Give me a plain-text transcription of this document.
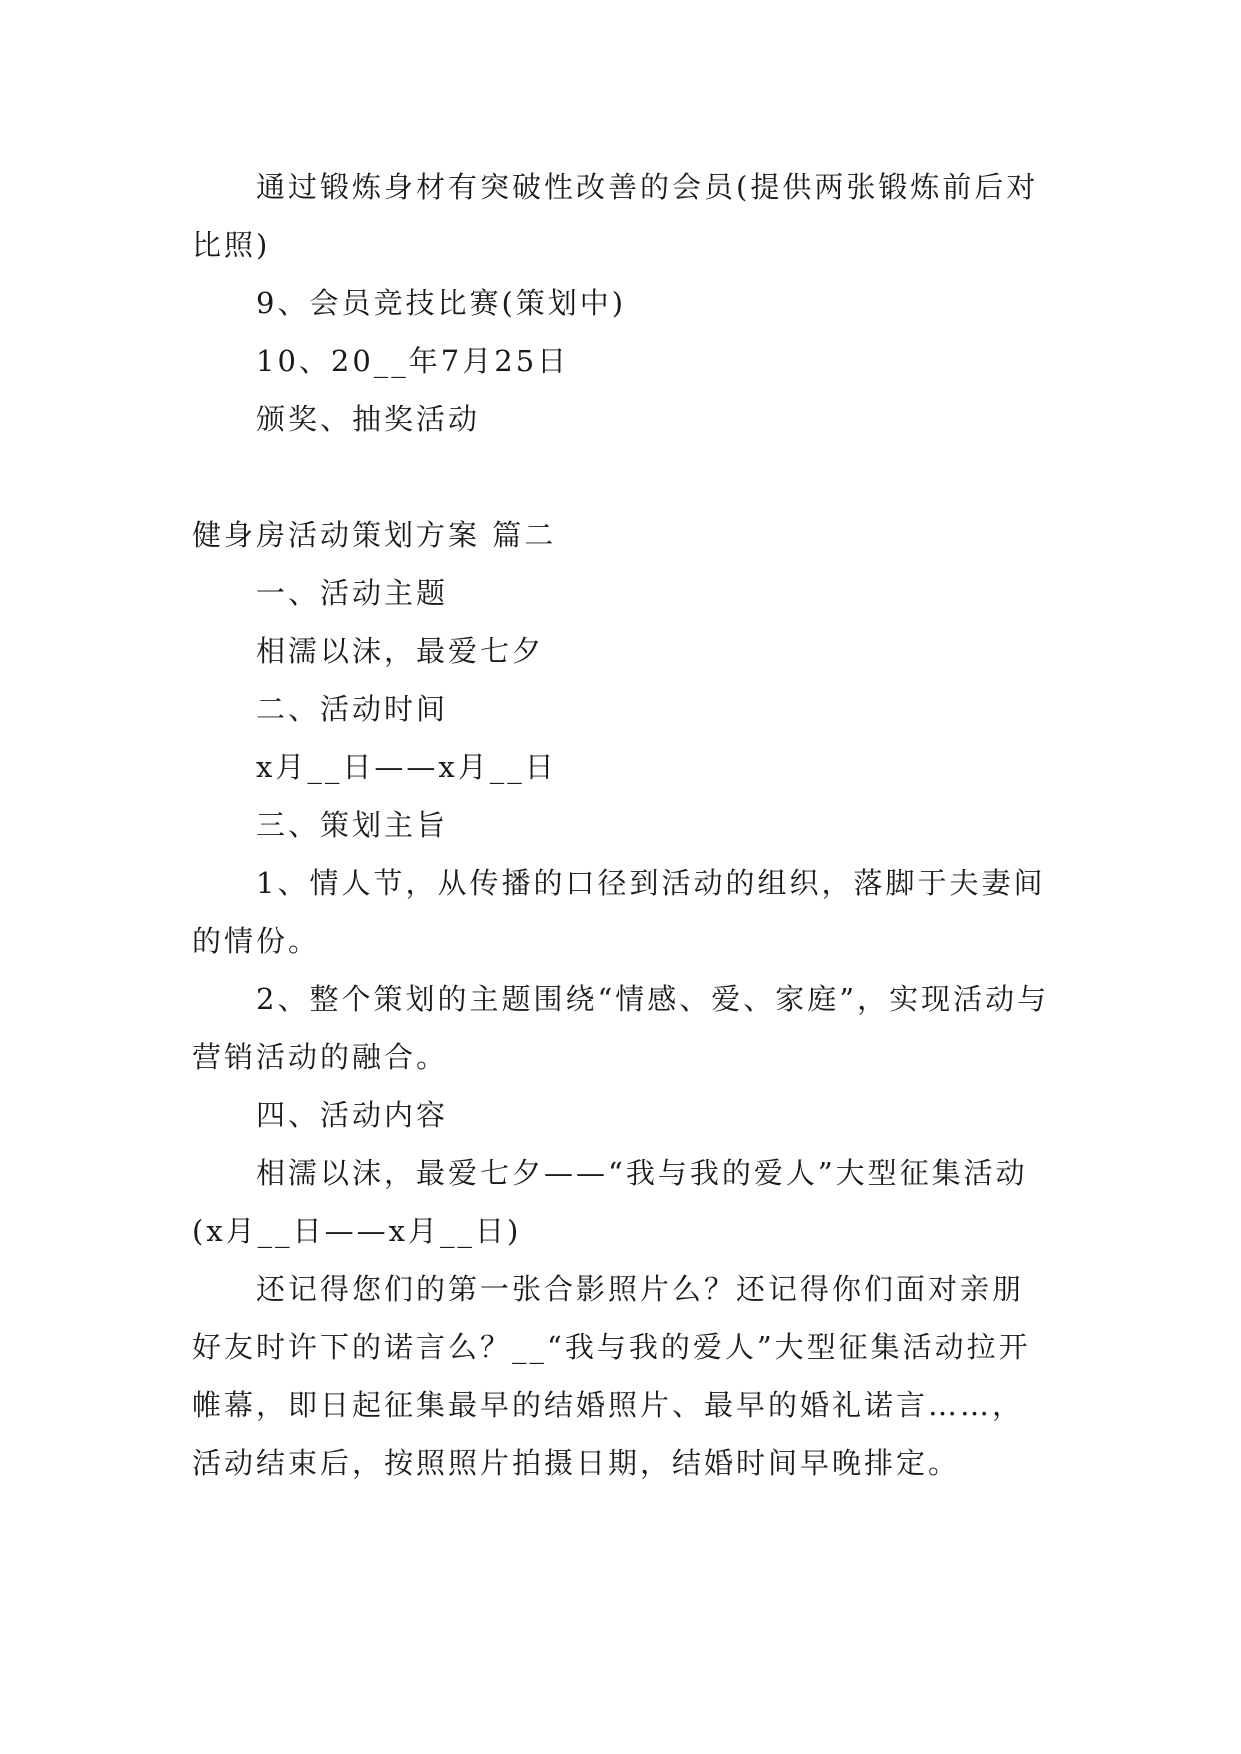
通过锻炼身材有突破性改善的会员(提供两张锻炼前后对比照)

9、会员竞技比赛(策划中)

10、20__年7月25日

颁奖、抽奖活动

健身房活动策划方案 篇二

一、活动主题

相濡以沫，最爱七夕

二、活动时间

x月__日——x月__日

三、策划主旨

1、情人节，从传播的口径到活动的组织，落脚于夫妻间的情份。

2、整个策划的主题围绕“情感、爱、家庭”，实现活动与营销活动的融合。

四、活动内容

相濡以沫，最爱七夕——“我与我的爱人”大型征集活动(x月__日——x月__日)

还记得您们的第一张合影照片么？还记得你们面对亲朋好友时许下的诺言么？__“我与我的爱人”大型征集活动拉开帷幕，即日起征集最早的结婚照片、最早的婚礼诺言……，活动结束后，按照照片拍摄日期，结婚时间早晚排定。
